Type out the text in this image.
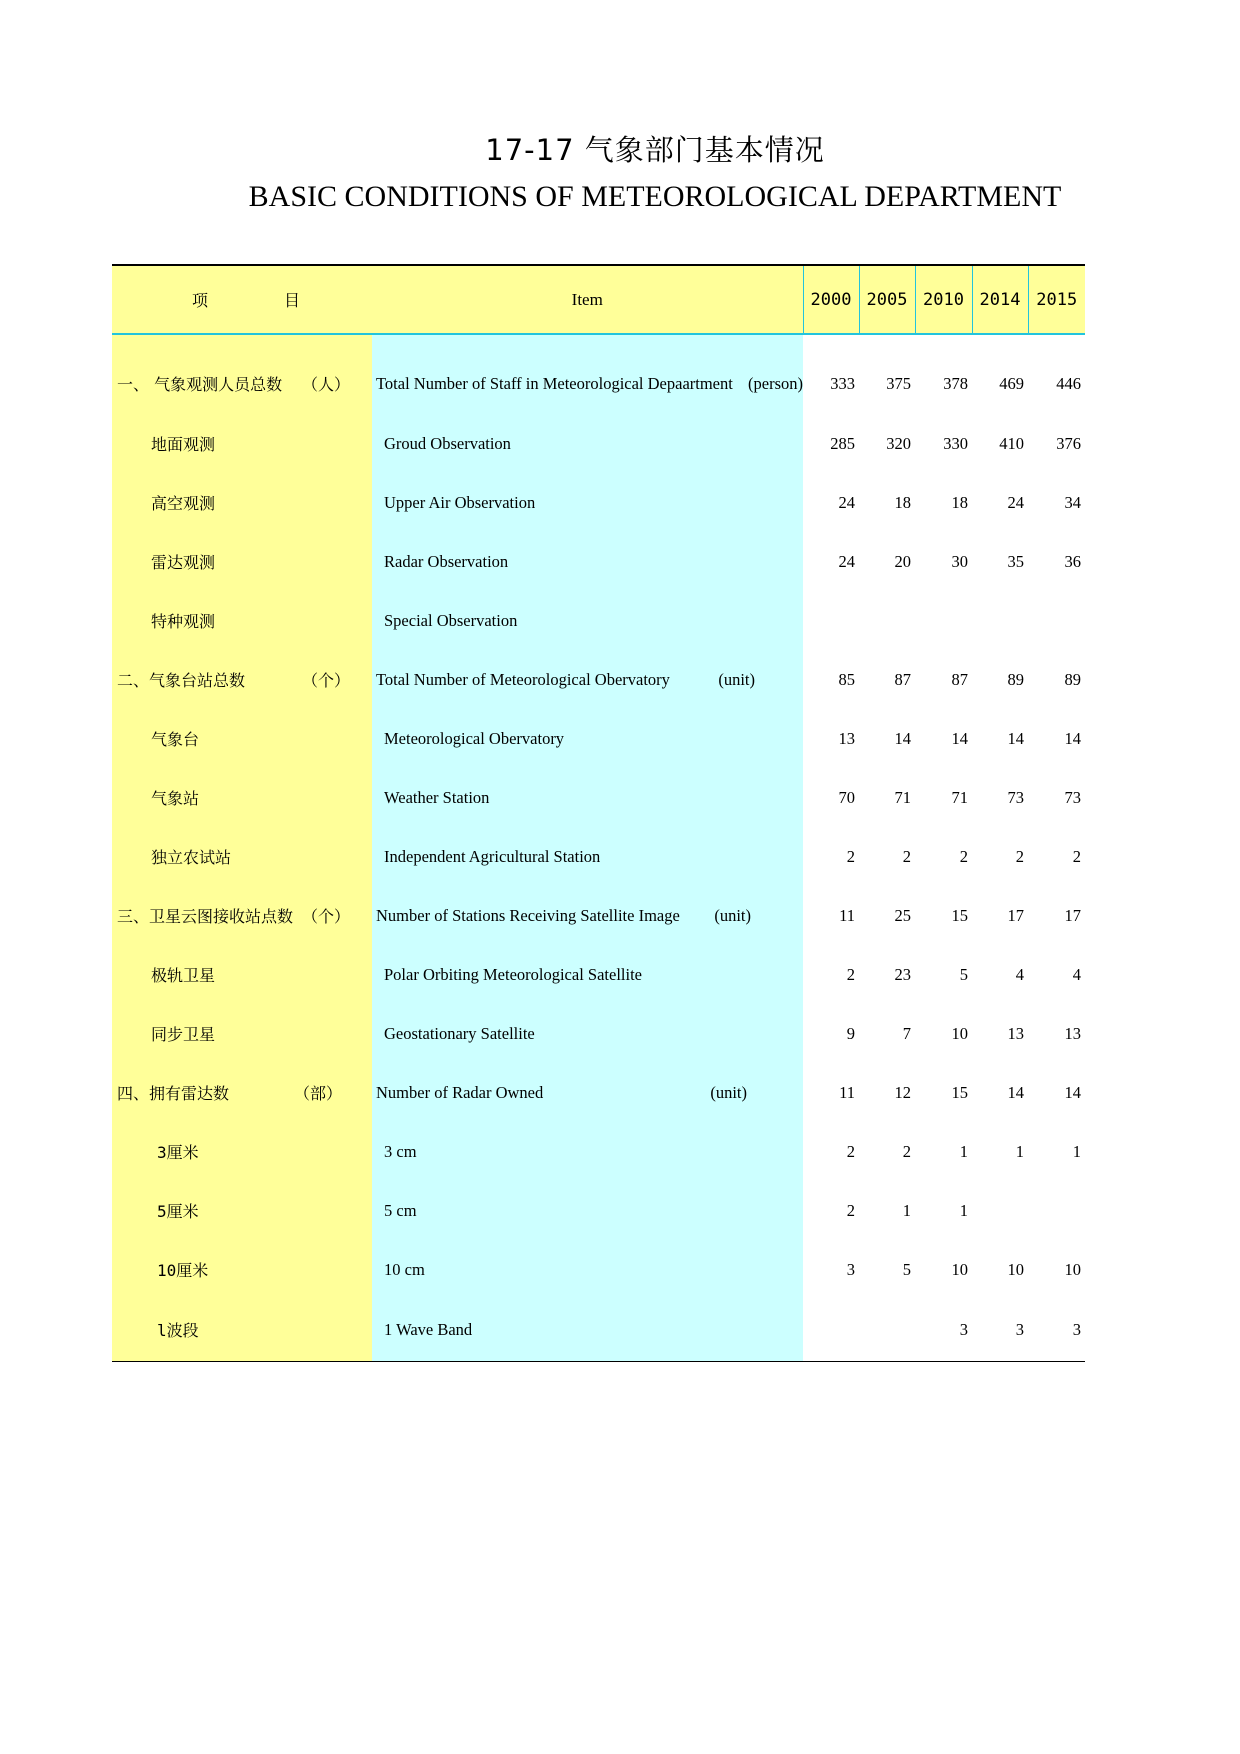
17-17 气象部门基本情况
BASIC CONDITIONS OF METEOROLOGICAL DEPARTMENT
项 目	Item	2000	2005	2010	2014	2015

一、 气象观测人员总数 （人）	Total Number of Staff in Meteorological Depaartment (person)	333	375	378	469	446
地面观测	Groud Observation	285	320	330	410	376
高空观测	Upper Air Observation	24	18	18	24	34
雷达观测	Radar Observation	24	20	30	35	36
特种观测	Special Observation					

二、气象台站总数 （个）	Total Number of Meteorological Obervatory (unit)	85	87	87	89	89
气象台	Meteorological Obervatory	13	14	14	14	14
气象站	Weather Station	70	71	71	73	73
独立农试站	Independent Agricultural Station	2	2	2	2	2

三、卫星云图接收站点数 （个）	Number of Stations Receiving Satellite Image (unit)	11	25	15	17	17
极轨卫星	Polar Orbiting Meteorological Satellite	2	23	5	4	4
同步卫星	Geostationary Satellite	9	7	10	13	13

四、拥有雷达数 （部）	Number of Radar Owned (unit)	11	12	15	14	14
3厘米	3 cm	2	2	1	1	1
5厘米	5 cm	2	1	1		
10厘米	10 cm	3	5	10	10	10
l波段	1 Wave Band			3	3	3
